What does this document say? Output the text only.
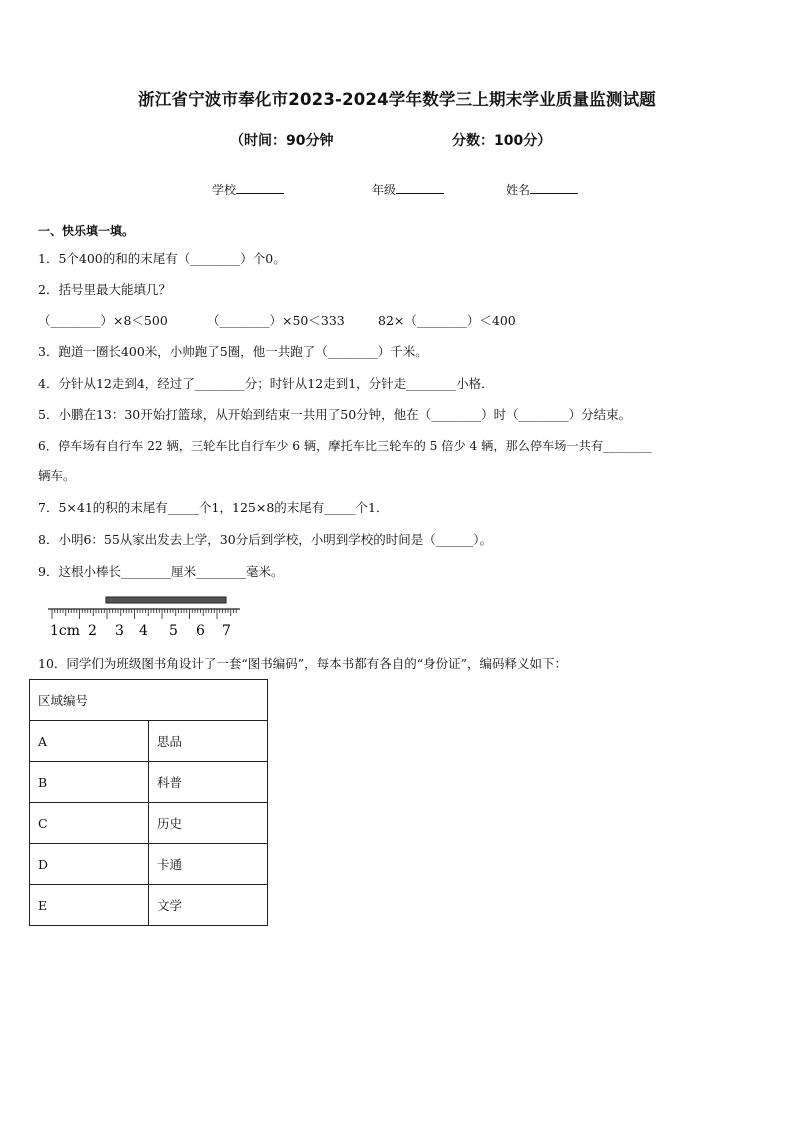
浙江省宁波市奉化市2023-2024学年数学三上期末学业质量监测试题
（时间：90分钟	分数：100分）
学校	年级	姓名
一、快乐填一填。
1．5个400的和的末尾有（________）个0。
2．括号里最大能填几？
（________）×8＜500	（________）×50＜333	82×（________）＜400
3．跑道一圈长400米，小帅跑了5圈，他一共跑了（________）千米。
4．分针从12走到4，经过了________分；时针从12走到1，分针走________小格．
5．小鹏在13：30开始打篮球，从开始到结束一共用了50分钟，他在（________）时（________）分结束。
6．停车场有自行车 22 辆，三轮车比自行车少 6 辆，摩托车比三轮车的 5 倍少 4 辆，那么停车场一共有________
辆车。
7．5×41的积的末尾有_____个1，125×8的末尾有_____个1．
8．小明6：55从家出发去上学，30分后到学校，小明到学校的时间是（______）。
9．这根小棒长________厘米________毫米。
1cm 2 3 4 5 6 7
10．同学们为班级图书角设计了一套“图书编码”，每本书都有各自的“身份证”，编码释义如下：
区域编号	
A	思品
B	科普
C	历史
D	卡通
E	文学
